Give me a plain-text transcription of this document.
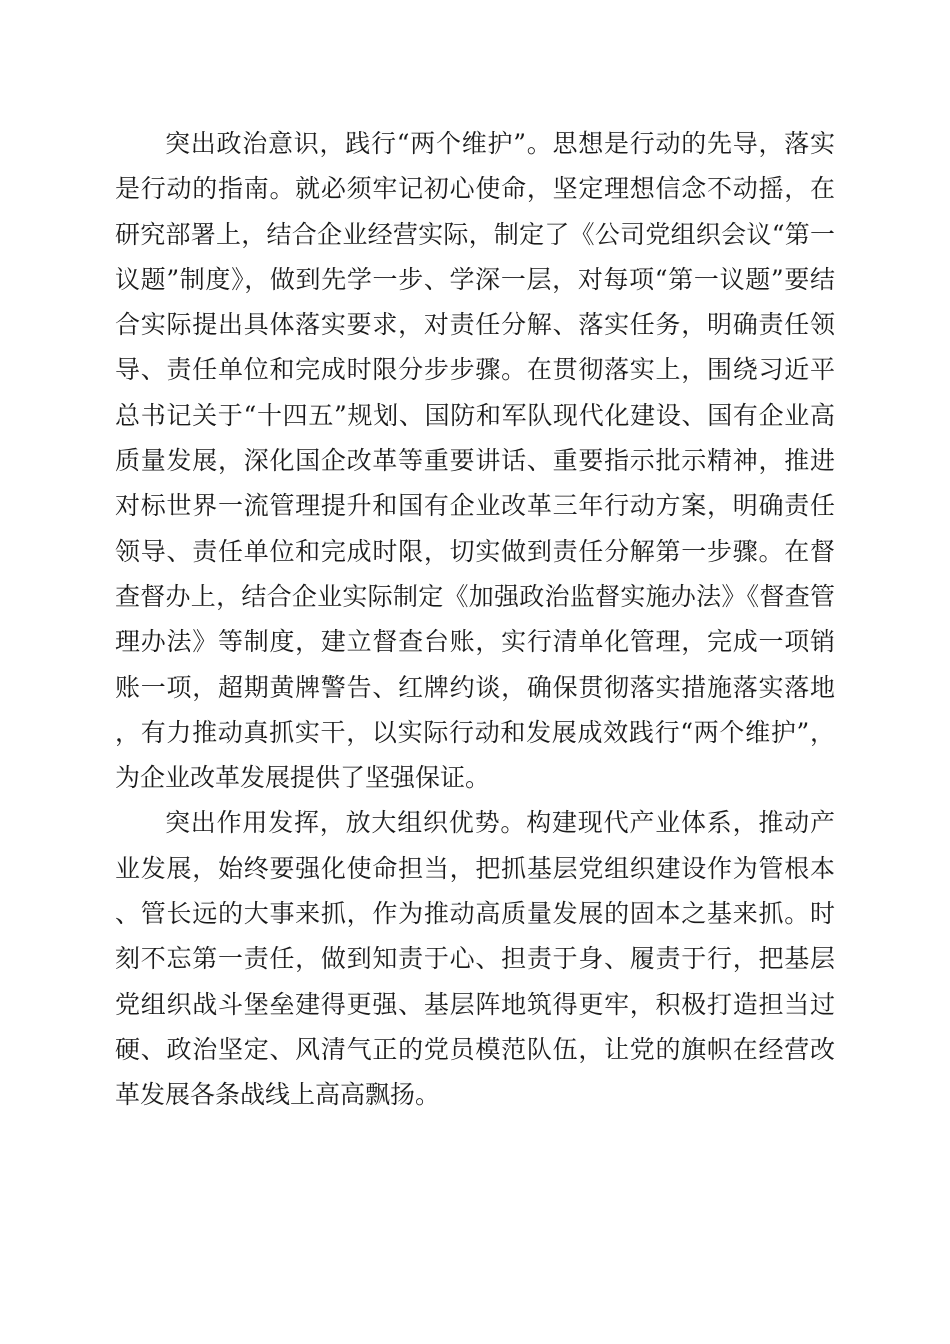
突出政治意识，践行“两个维护”。思想是行动的先导，落实是行动的指南。就必须牢记初心使命，坚定理想信念不动摇，在研究部署上，结合企业经营实际，制定了《公司党组织会议“第一议题”制度》，做到先学一步、学深一层，对每项“第一议题”要结合实际提出具体落实要求，对责任分解、落实任务，明确责任领导、责任单位和完成时限分步步骤。在贯彻落实上，围绕习近平总书记关于“十四五”规划、国防和军队现代化建设、国有企业高质量发展，深化国企改革等重要讲话、重要指示批示精神，推进对标世界一流管理提升和国有企业改革三年行动方案，明确责任领导、责任单位和完成时限，切实做到责任分解第一步骤。在督查督办上，结合企业实际制定《加强政治监督实施办法》《督查管理办法》等制度，建立督查台账，实行清单化管理，完成一项销账一项，超期黄牌警告、红牌约谈，确保贯彻落实措施落实落地，有力推动真抓实干，以实际行动和发展成效践行“两个维护”，为企业改革发展提供了坚强保证。

突出作用发挥，放大组织优势。构建现代产业体系，推动产业发展，始终要强化使命担当，把抓基层党组织建设作为管根本、管长远的大事来抓，作为推动高质量发展的固本之基来抓。时刻不忘第一责任，做到知责于心、担责于身、履责于行，把基层党组织战斗堡垒建得更强、基层阵地筑得更牢，积极打造担当过硬、政治坚定、风清气正的党员模范队伍，让党的旗帜在经营改革发展各条战线上高高飘扬。
